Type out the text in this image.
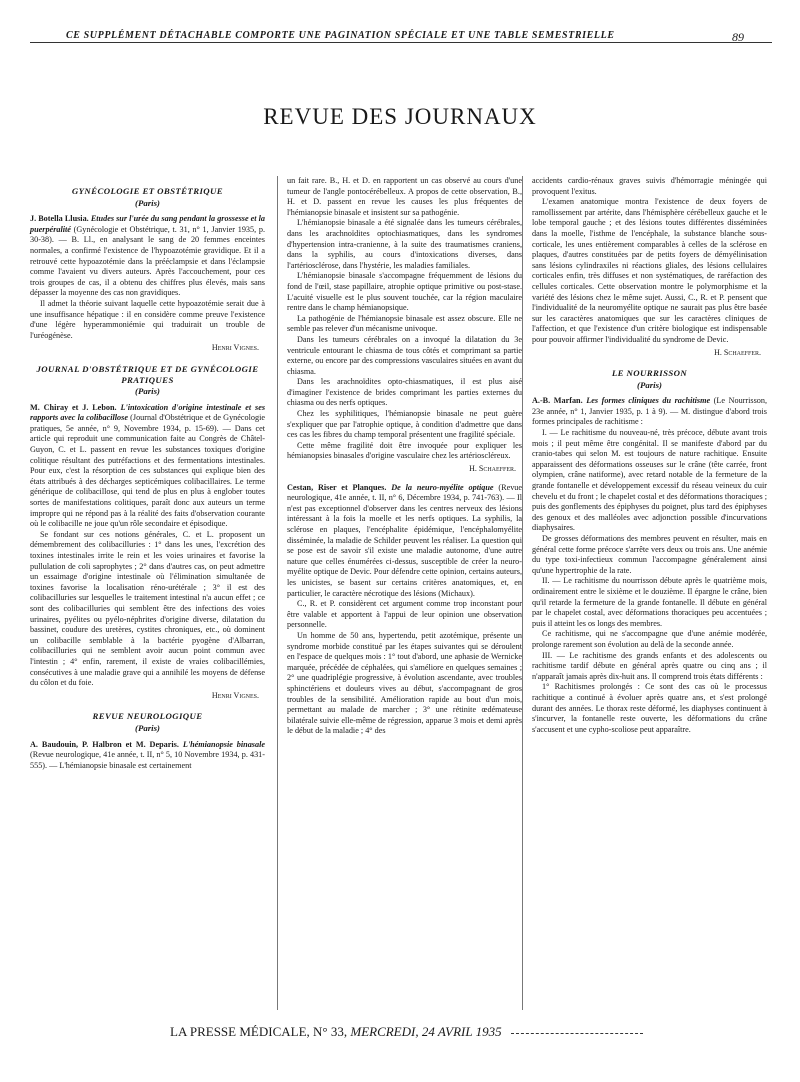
CE SUPPLÉMENT DÉTACHABLE COMPORTE UNE PAGINATION SPÉCIALE ET UNE TABLE SEMESTRIELLE	89
REVUE DES JOURNAUX
GYNÉCOLOGIE ET OBSTÉTRIQUE
(Paris)

J. Botella Llusia. Etudes sur l'urée du sang pendant la grossesse et la puerpéralité (Gynécologie et Obstétrique, t. 31, n° 1, Janvier 1935, p. 30-38). — B. Ll., en analysant le sang de 20 femmes enceintes normales, a confirmé l'existence de l'hypoazotémie gravidique. Et il a retrouvé cette hypoazotémie dans la prééclampsie et dans l'éclampsie comme l'avaient vu divers auteurs. Après l'accouchement, pour ces trois groupes de cas, il a obtenu des chiffres plus élevés, mais sans dépasser la moyenne des cas non gravidiques.

Il admet la théorie suivant laquelle cette hypoazotémie serait due à une insuffisance hépatique : il en considère comme preuve l'existence d'une légère hyperammoniémie qui traduirait un trouble de l'uréogénèse.

Henri Vignes.
JOURNAL D'OBSTÉTRIQUE ET DE GYNÉCOLOGIE PRATIQUES
(Paris)

M. Chiray et J. Lebon. L'intoxication d'origine intestinale et ses rapports avec la colibacillose (Journal d'Obstétrique et de Gynécologie pratiques, 5e année, n° 9, Novembre 1934, p. 15-69). — Dans cet article qui reproduit une communication faite au Congrès de Châtel-Guyon, C. et L. passent en revue les substances toxiques d'origine colitique résultant des putréfactions et des fermentations intestinales. Pour eux, c'est la résorption de ces substances qui explique bien des états attribués à des décharges septicémiques colibacillaires. Le terme générique de colibacillose, qui tend de plus en plus à englober toutes sortes de manifestations colitiques, paraît donc aux auteurs un terme impropre qui ne répond pas à la réalité des faits d'observation courante où le colibacille ne joue qu'un rôle secondaire et épisodique.

Se fondant sur ces notions générales, C. et L. proposent un démembrement des colibacilluries : 1° dans les unes, l'excrétion des toxines intestinales irrite le rein et les voies urinaires et favorise la pullulation de coli saprophytes ; 2° dans d'autres cas, on peut admettre un essaimage d'origine intestinale où l'élimination simultanée de toxines favorise la localisation réno-urétérale ; 3° il est des colibacilluries sur lesquelles le traitement intestinal n'a aucun effet ; ce sont des colibacilluries qui semblent être des infections des voies urinaires, pyélites ou pyélo-néphrites d'origine diverse, dilatation du bassinet, coudure des uretères, cystites chroniques, etc., où dominent un colibacille semblable à la bactérie pyogène d'Albarran, colibacilluries qui ne semblent avoir aucun point commun avec l'intestin ; 4° enfin, rarement, il existe de vraies colibacillémies, consécutives à une maladie grave qui a annihilé les moyens de défense du côlon et du foie.

Henri Vignes.
REVUE NEUROLOGIQUE
(Paris)

A. Baudouin, P. Halbron et M. Deparis. L'hémianopsie binasale (Revue neurologique, 41e année, t. II, n° 5, 10 Novembre 1934, p. 431-555). — L'hémianopsie binasale est certainement

un fait rare. B., H. et D. en rapportent un cas observé au cours d'une tumeur de l'angle pontocérébelleux. A propos de cette observation, B., H. et D. passent en revue les causes les plus fréquentes de l'hémianopsie binasale et insistent sur sa pathogénie.

L'hémianopsie binasale a été signalée dans les tumeurs cérébrales, dans les arachnoïdites optochiasmatiques, dans les syndromes d'hypertension intra-cranienne, à la suite des traumatismes craniens, dans la syphilis, au cours d'intoxications diverses, dans l'artériosclérose, dans l'hystérie, les maladies familiales.

L'hémianopsie binasale s'accompagne fréquemment de lésions du fond de l'œil, stase papillaire, atrophie optique primitive ou post-stase. L'acuité visuelle est le plus souvent touchée, car la région maculaire rentre dans le champ hémianopsique.

La pathogénie de l'hémianopsie binasale est assez obscure. Elle ne semble pas relever d'un mécanisme univoque.

Dans les tumeurs cérébrales on a invoqué la dilatation du 3e ventricule entourant le chiasma de tous côtés et comprimant sa partie externe, ou encore par des compressions vasculaires situées en avant du chiasma.

Dans les arachnoïdites opto-chiasmatiques, il est plus aisé d'imaginer l'existence de brides comprimant les parties externes du chiasma ou des nerfs optiques.

Chez les syphilitiques, l'hémianopsie binasale ne peut guère s'expliquer que par l'atrophie optique, à condition d'admettre que dans ces cas les fibres du champ temporal présentent une fragilité spéciale.

Cette même fragilité doit être invoquée pour expliquer les hémianopsies binasales d'origine vasculaire chez les artérioscléreux.

H. Schaeffer.

Cestan, Riser et Planques. De la neuro-myélite optique (Revue neurologique, 41e année, t. II, n° 6, Décembre 1934, p. 741-763). — Il n'est pas exceptionnel d'observer dans les centres nerveux des lésions intéressant à la fois la moelle et les nerfs optiques. La syphilis, la sclérose en plaques, l'encéphalite épidémique, l'encéphalomyélite disséminée, la maladie de Schilder peuvent les réaliser. La question qui se pose est de savoir s'il existe une maladie autonome, d'une autre nature que celles énumérées ci-dessus, susceptible de créer la neuro-myélite optique de Devic. Pour défendre cette opinion, certains auteurs, les unicistes, se basent sur certains critères anatomiques, et, en particulier, le caractère nécrotique des lésions (Michaux).

C., R. et P. considèrent cet argument comme trop inconstant pour être valable et apportent à l'appui de leur opinion une observation personnelle.

Un homme de 50 ans, hypertendu, petit azotémique, présente un syndrome morbide constitué par les étapes suivantes qui se déroulent en l'espace de quelques mois : 1° tout d'abord, une aphasie de Wernicke marquée, précédée de céphalées, qui s'améliore en quelques semaines ; 2° une quadriplégie progressive, à évolution ascendante, avec troubles sphinctériens et douleurs vives au début, s'accompagnant de gros troubles de la sensibilité. Amélioration rapide au bout d'un mois, permettant au malade de marcher ; 3° une rétinite œdémateuse bilatérale suivie elle-même de régression, apparue 3 mois et demi après le début de la maladie ; 4° des

accidents cardio-rénaux graves suivis d'hémorragie méningée qui provoquent l'exitus.

L'examen anatomique montra l'existence de deux foyers de ramollissement par artérite, dans l'hémisphère cérébelleux gauche et le lobe temporal gauche ; et des lésions toutes différentes disséminées dans la moelle, l'isthme de l'encéphale, la substance blanche sous-corticale, les unes entièrement comparables à celles de la sclérose en plaques, d'autres constituées par de petits foyers de démyélinisation sans lésions cylindraxiles ni réactions gliales, des lésions cellulaires corticales enfin, très diffuses et non systématiques, de raréfaction des cellules corticales. Cette observation montre le polymorphisme et la variété des lésions chez le même sujet. Aussi, C., R. et P. pensent que l'individualité de la neuromyélite optique ne saurait pas plus être basée sur les caractères anatomiques que sur les caractères cliniques de l'affection, et que l'existence d'un critère biologique est indispensable pour pouvoir affirmer l'individualité du syndrome de Devic.

H. Schaeffer.
LE NOURRISSON
(Paris)

A.-B. Marfan. Les formes cliniques du rachitisme (Le Nourrisson, 23e année, n° 1, Janvier 1935, p. 1 à 9). — M. distingue d'abord trois formes principales de rachitisme :

I. — Le rachitisme du nouveau-né, très précoce, débute avant trois mois ; il peut même être congénital. Il se manifeste d'abord par du cranio-tabes qui selon M. est toujours de nature rachitique. Ensuite apparaissent des déformations osseuses sur le crâne (tête carrée, front olympien, crâne natiforme), avec retard notable de la fermeture de la grande fontanelle et développement excessif du réseau veineux du cuir chevelu et du front ; le chapelet costal et des déformations thoraciques ; puis des gonflements des épiphyses du poignet, plus tard des épiphyses des genoux et des malléoles avec adjonction possible d'incurvations diaphysaires.

De grosses déformations des membres peuvent en résulter, mais en général cette forme précoce s'arrête vers deux ou trois ans. Une anémie du type toxi-infectieux commun l'accompagne généralement ainsi qu'une hypertrophie de la rate.

II. — Le rachitisme du nourrisson débute après le quatrième mois, ordinairement entre le sixième et le douzième. Il épargne le crâne, bien qu'il retarde la fermeture de la grande fontanelle. Il débute en général par le chapelet costal, avec déformations thoraciques peu accentuées ; puis il atteint les os longs des membres.

Ce rachitisme, qui ne s'accompagne que d'une anémie modérée, prolonge rarement son évolution au delà de la seconde année.

III. — Le rachitisme des grands enfants et des adolescents ou rachitisme tardif débute en général après quatre ou cinq ans ; il n'apparaît jamais après dix-huit ans. Il comprend trois états différents :

1° Rachitismes prolongés : Ce sont des cas où le processus rachitique a continué à évoluer après quatre ans, et s'est prolongé durant des années. Le thorax reste déformé, les diaphyses continuent à s'incurver, la fontanelle reste ouverte, les déformations du crâne s'accusent et une cypho-scoliose peut apparaître.

LA PRESSE MÉDICALE, N° 33, MERCREDI, 24 AVRIL 1935
